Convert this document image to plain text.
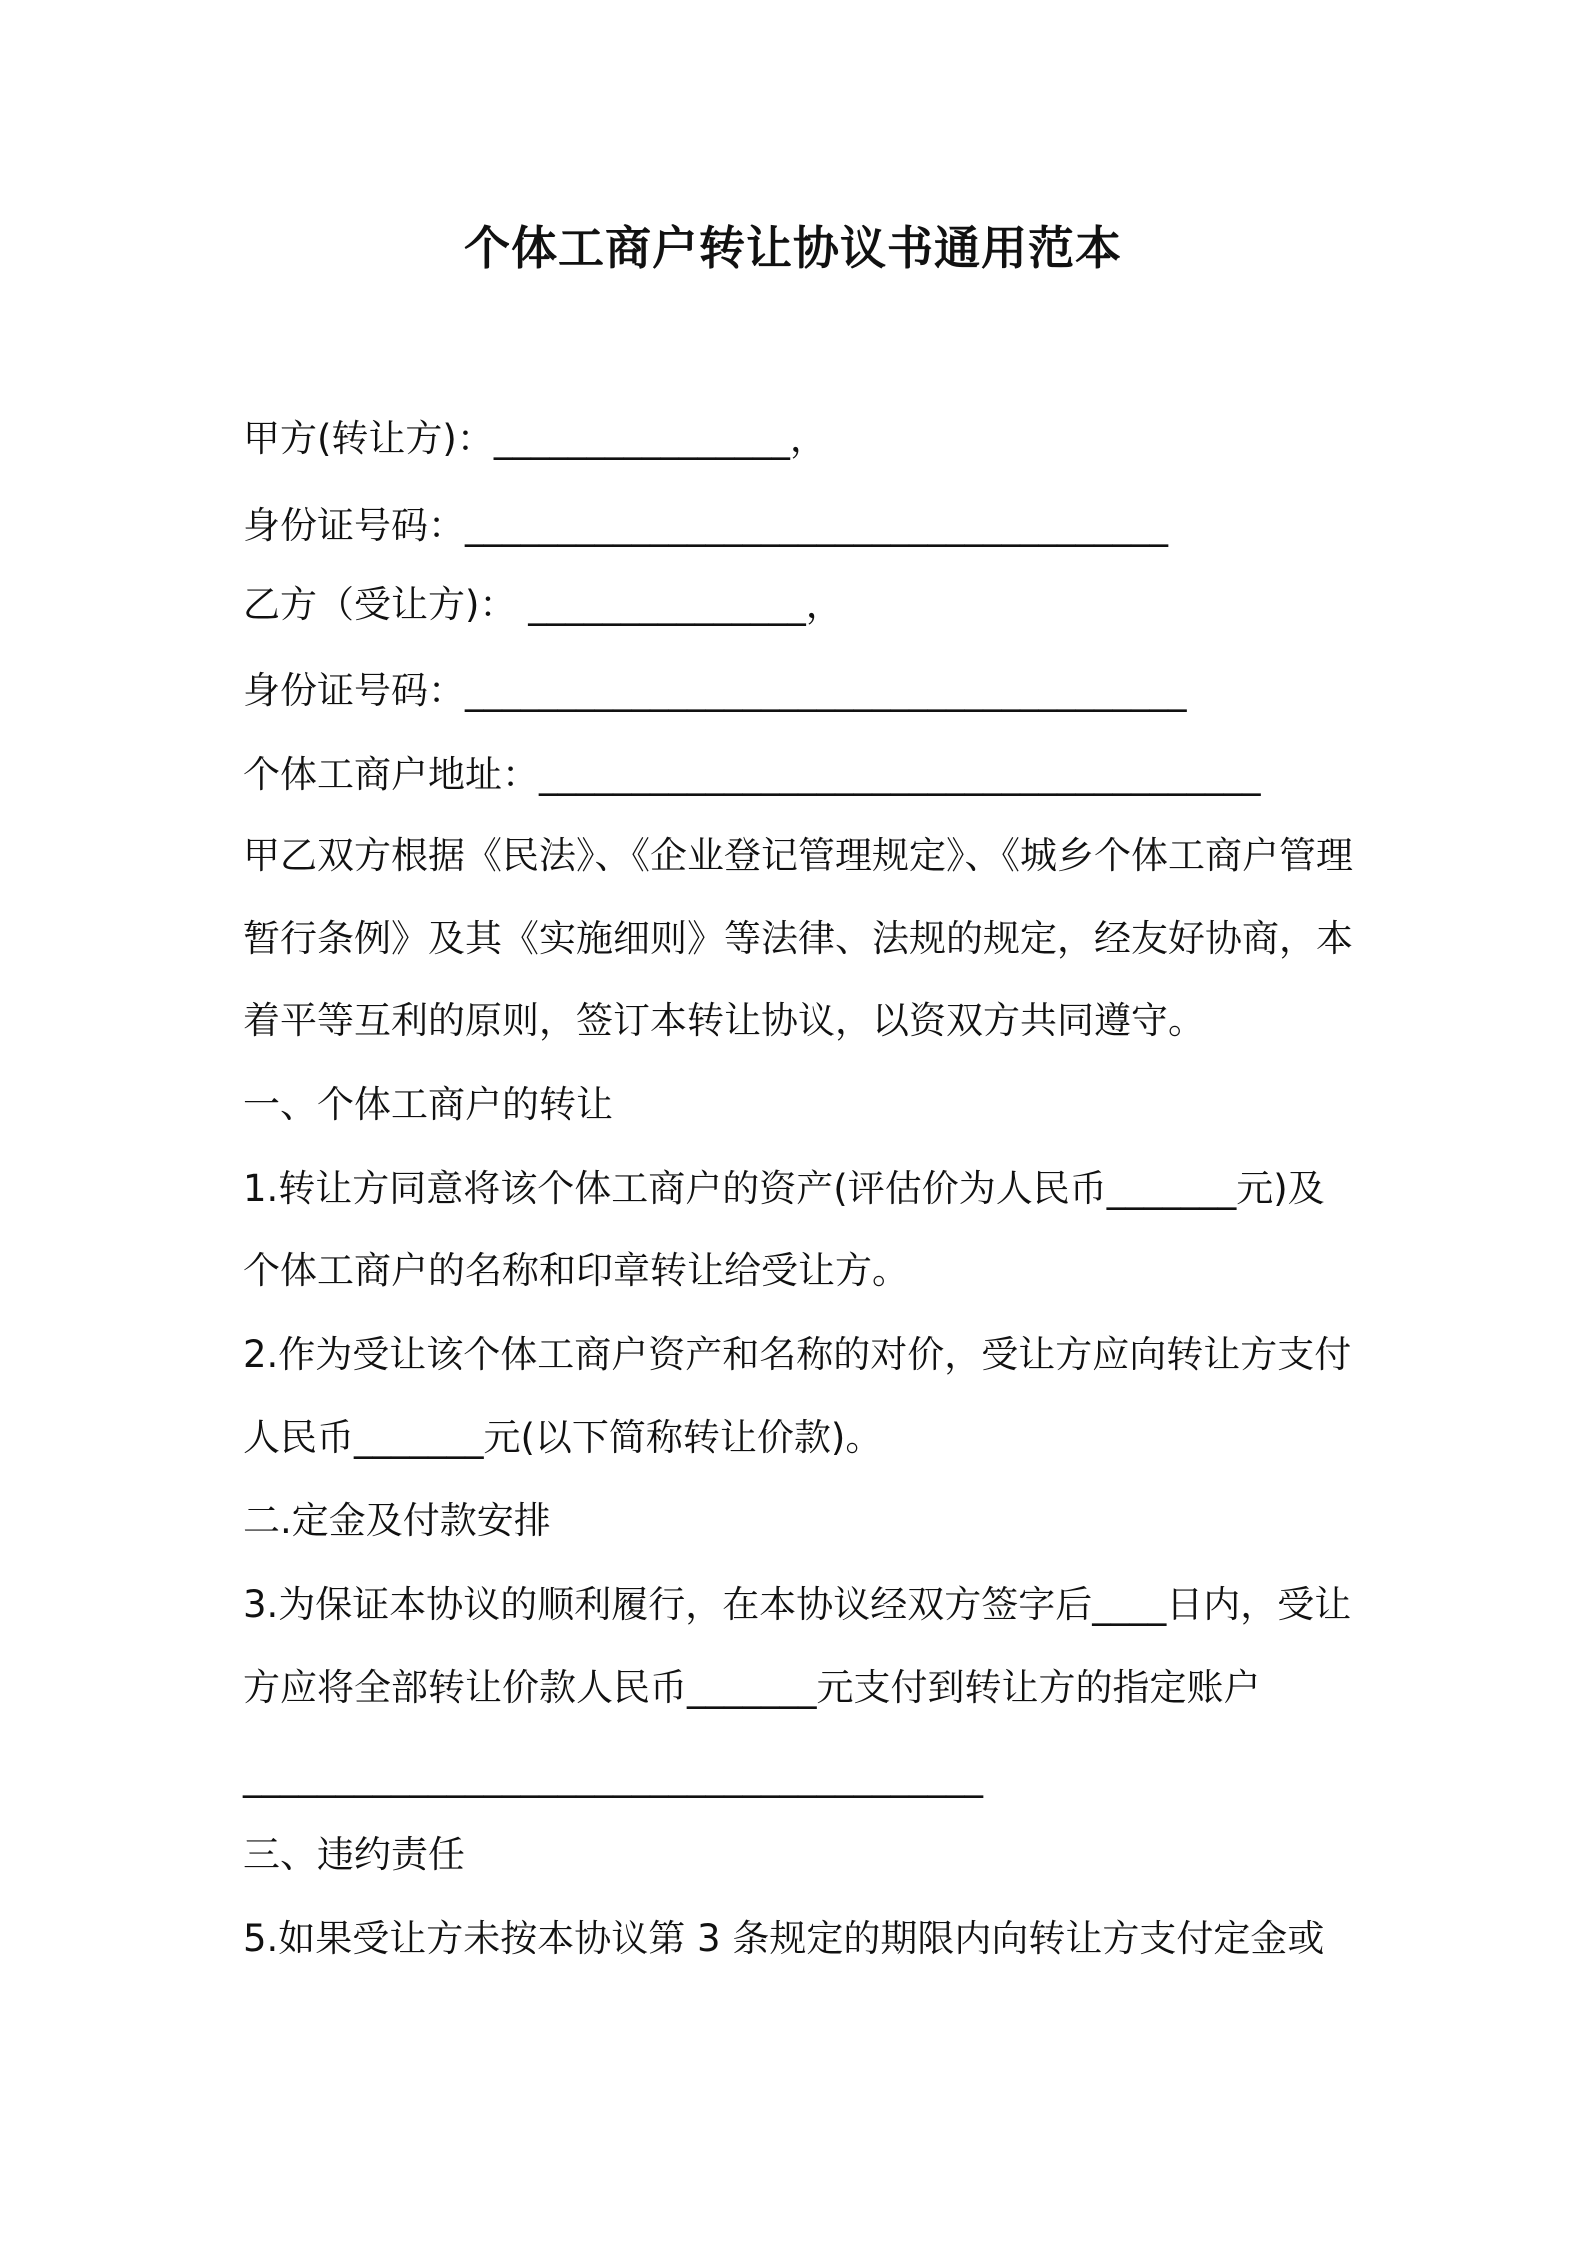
个体工商户转让协议书通用范本
甲方(转让方)：________________，
身份证号码：______________________________________
乙方（受让方)： _______________，
身份证号码：_______________________________________
个体工商户地址：_______________________________________
甲乙双方根据《民法》、《企业登记管理规定》、《城乡个体工商户管理
暂行条例》及其《实施细则》等法律、法规的规定，经友好协商，本
着平等互利的原则，签订本转让协议，以资双方共同遵守。
一、个体工商户的转让
1.转让方同意将该个体工商户的资产(评估价为人民币_______元)及
个体工商户的名称和印章转让给受让方。
2.作为受让该个体工商户资产和名称的对价，受让方应向转让方支付
人民币_______元(以下简称转让价款)。
二.定金及付款安排
3.为保证本协议的顺利履行，在本协议经双方签字后____日内，受让
方应将全部转让价款人民币_______元支付到转让方的指定账户
________________________________________
三、违约责任
5.如果受让方未按本协议第 3 条规定的期限内向转让方支付定金或
